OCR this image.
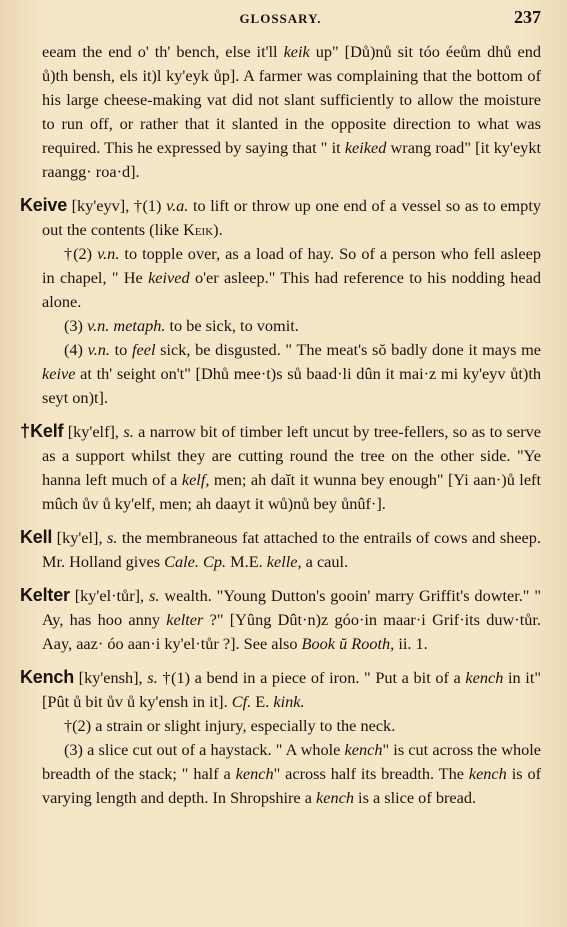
GLOSSARY.	237

eeam the end o' th' bench, else it'll keik up" [Dů)nů sit tóo éeům dhů end ů)th bensh, els it)l ky'eyk ůp]. A farmer was complaining that the bottom of his large cheese-making vat did not slant sufficiently to allow the moisture to run off, or rather that it slanted in the opposite direction to what was required. This he expressed by saying that " it keiked wrang road" [it ky'eykt raangg· roa·d].

Keive [ky'eyv], †(1) v.a. to lift or throw up one end of a vessel so as to empty out the contents (like Keik).

†(2) v.n. to topple over, as a load of hay. So of a person who fell asleep in chapel, " He keived o'er asleep." This had reference to his nodding head alone.

(3) v.n. metaph. to be sick, to vomit.

(4) v.n. to feel sick, be disgusted. " The meat's sŏ badly done it mays me keive at th' seight on't" [Dhů mee·t)s sů baad·li dûn it mai·z mi ky'eyv ůt)th seyt on)t].

†Kelf [ky'elf], s. a narrow bit of timber left uncut by tree-fellers, so as to serve as a support whilst they are cutting round the tree on the other side. "Ye hanna left much of a kelf, men; ah daĭt it wunna bey enough" [Yi aan·)ů left mûch ův ů ky'elf, men; ah daayt it wů)nů bey ůnûf·].

Kell [ky'el], s. the membraneous fat attached to the entrails of cows and sheep. Mr. Holland gives Cale. Cp. M.E. kelle, a caul.

Kelter [ky'el·tůr], s. wealth. "Young Dutton's gooin' marry Griffit's dowter." " Ay, has hoo anny kelter ?" [Yûng Dût·n)z góo·in maar·i Grif·its duw·tůr. Aay, aaz· óo aan·i ky'el·tůr ?]. See also Book ŭ Rooth, ii. 1.

Kench [ky'ensh], s. †(1) a bend in a piece of iron. " Put a bit of a kench in it" [Pût ů bit ův ů ky'ensh in it]. Cf. E. kink.

†(2) a strain or slight injury, especially to the neck.

(3) a slice cut out of a haystack. " A whole kench" is cut across the whole breadth of the stack; " half a kench" across half its breadth. The kench is of varying length and depth. In Shropshire a kench is a slice of bread.
